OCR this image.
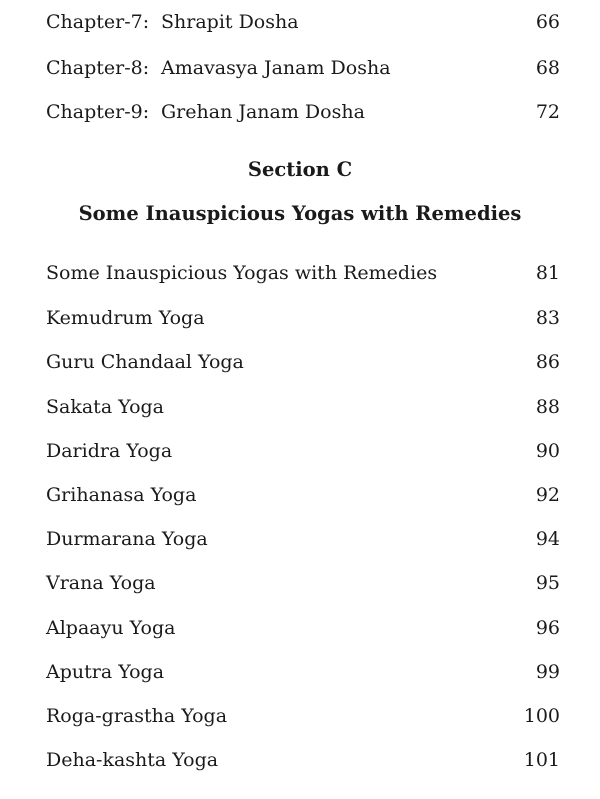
Chapter-7: Shrapit Dosha	66
Chapter-8: Amavasya Janam Dosha	68
Chapter-9: Grehan Janam Dosha	72
Section C
Some Inauspicious Yogas with Remedies
Some Inauspicious Yogas with Remedies	81
Kemudrum Yoga	83
Guru Chandaal Yoga	86
Sakata Yoga	88
Daridra Yoga	90
Grihanasa Yoga	92
Durmarana Yoga	94
Vrana Yoga	95
Alpaayu Yoga	96
Aputra Yoga	99
Roga-grastha Yoga	100
Deha-kashta Yoga	101
